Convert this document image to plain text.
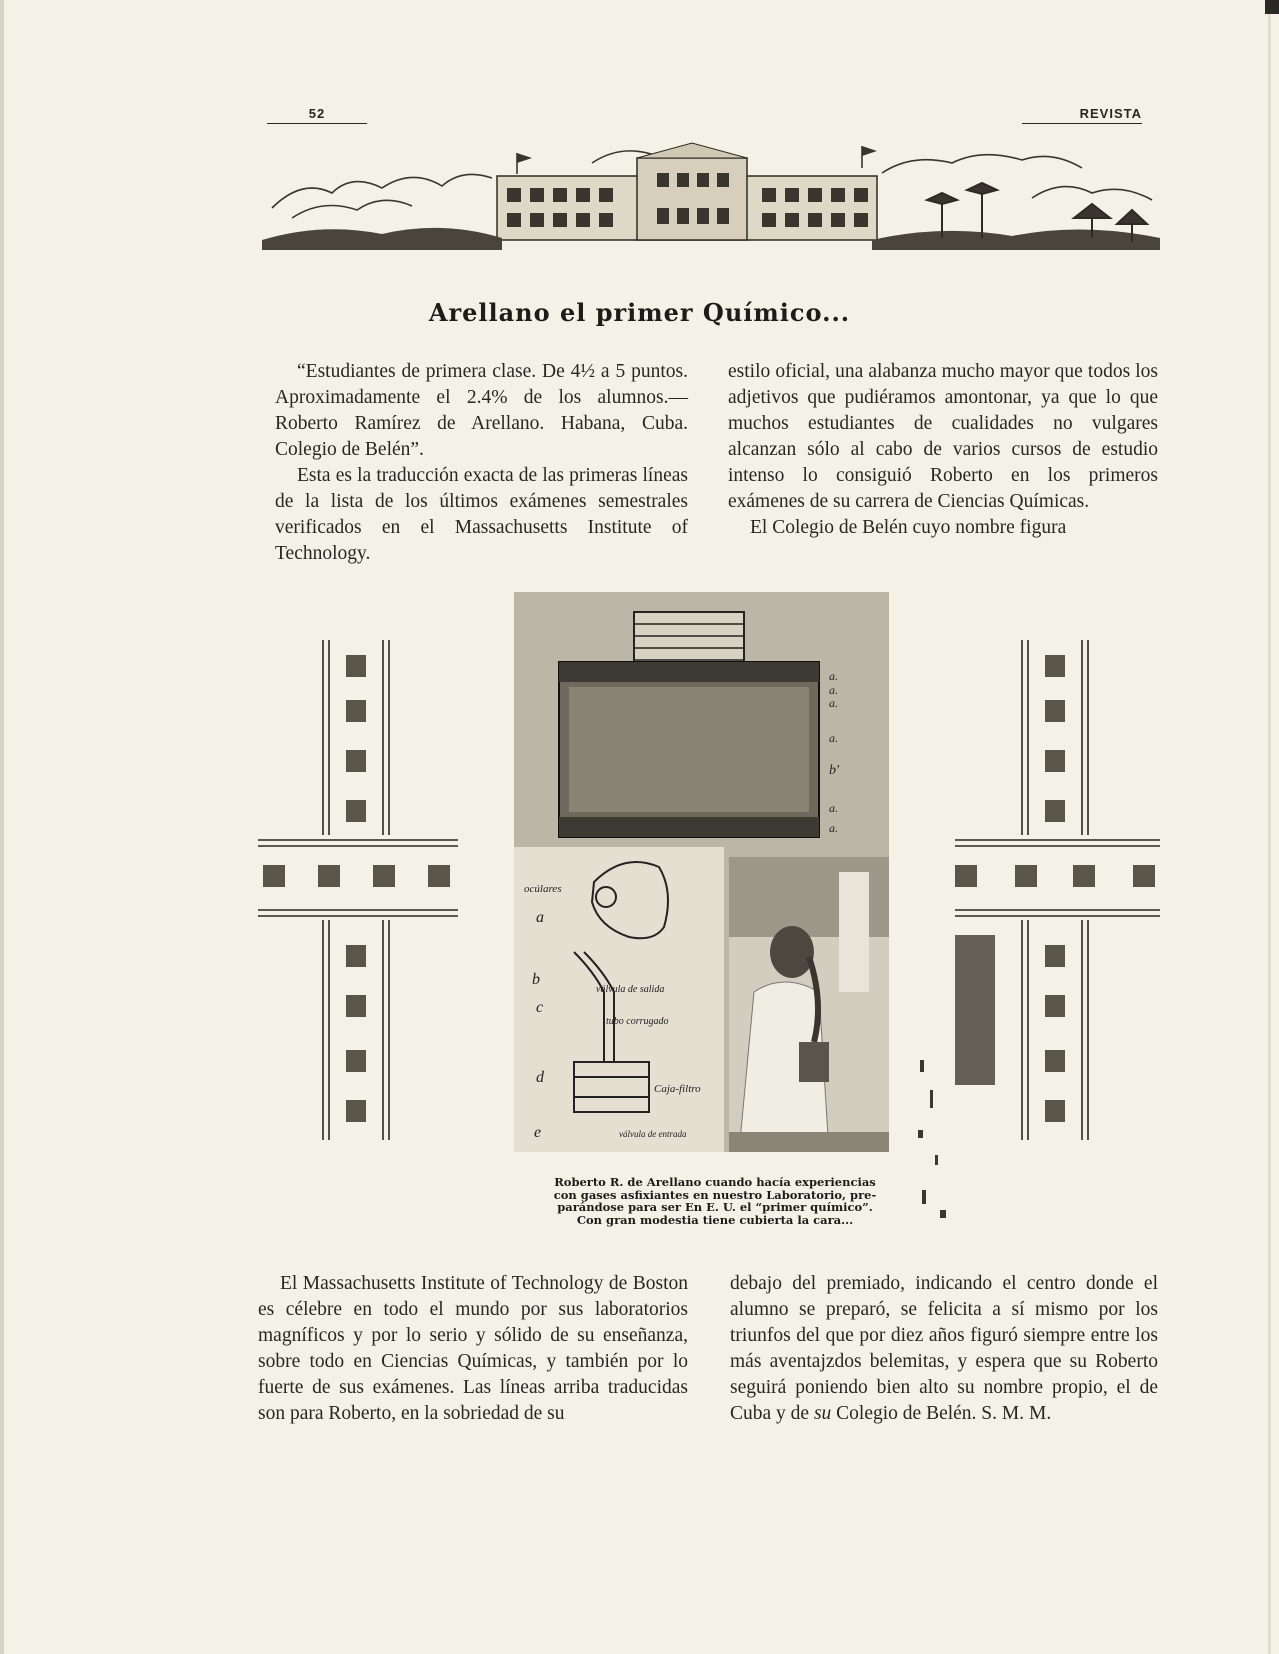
52	REVISTA
Arellano el primer Químico...

“Estudiantes de primera clase. De 4½ a 5 puntos. Aproximadamente el 2.4% de los alumnos.—Roberto Ramírez de Arellano. Habana, Cuba. Colegio de Belén”.

Esta es la traducción exacta de las primeras líneas de la lista de los últimos exámenes semestrales verificados en el Massachusetts Institute of Technology.

estilo oficial, una alabanza mucho mayor que todos los adjetivos que pudiéramos amontonar, ya que lo que muchos estudiantes de cualidades no vulgares alcanzan sólo al cabo de varios cursos de estudio intenso lo consiguió Roberto en los primeros exámenes de su carrera de Ciencias Químicas.

El Colegio de Belén cuyo nombre figura

a.
a.
a.
a.
b'
a.
a.
ocúlares
a
b
c
d
e
válvula de salida
tubo corrugado
Caja-filtro
válvula de entrada
Roberto R. de Arellano cuando hacía experiencias
con gases asfixiantes en nuestro Laboratorio, pre-
parándose para ser En E. U. el “primer químico”.
Con gran modestia tiene cubierta la cara...

El Massachusetts Institute of Technology de Boston es célebre en todo el mundo por sus laboratorios magníficos y por lo serio y sólido de su enseñanza, sobre todo en Ciencias Químicas, y también por lo fuerte de sus exámenes. Las líneas arriba traducidas son para Roberto, en la sobriedad de su

debajo del premiado, indicando el centro donde el alumno se preparó, se felicita a sí mismo por los triunfos del que por diez años figuró siempre entre los más aventajzdos belemitas, y espera que su Roberto seguirá poniendo bien alto su nombre propio, el de Cuba y de su Colegio de Belén. S. M. M.
